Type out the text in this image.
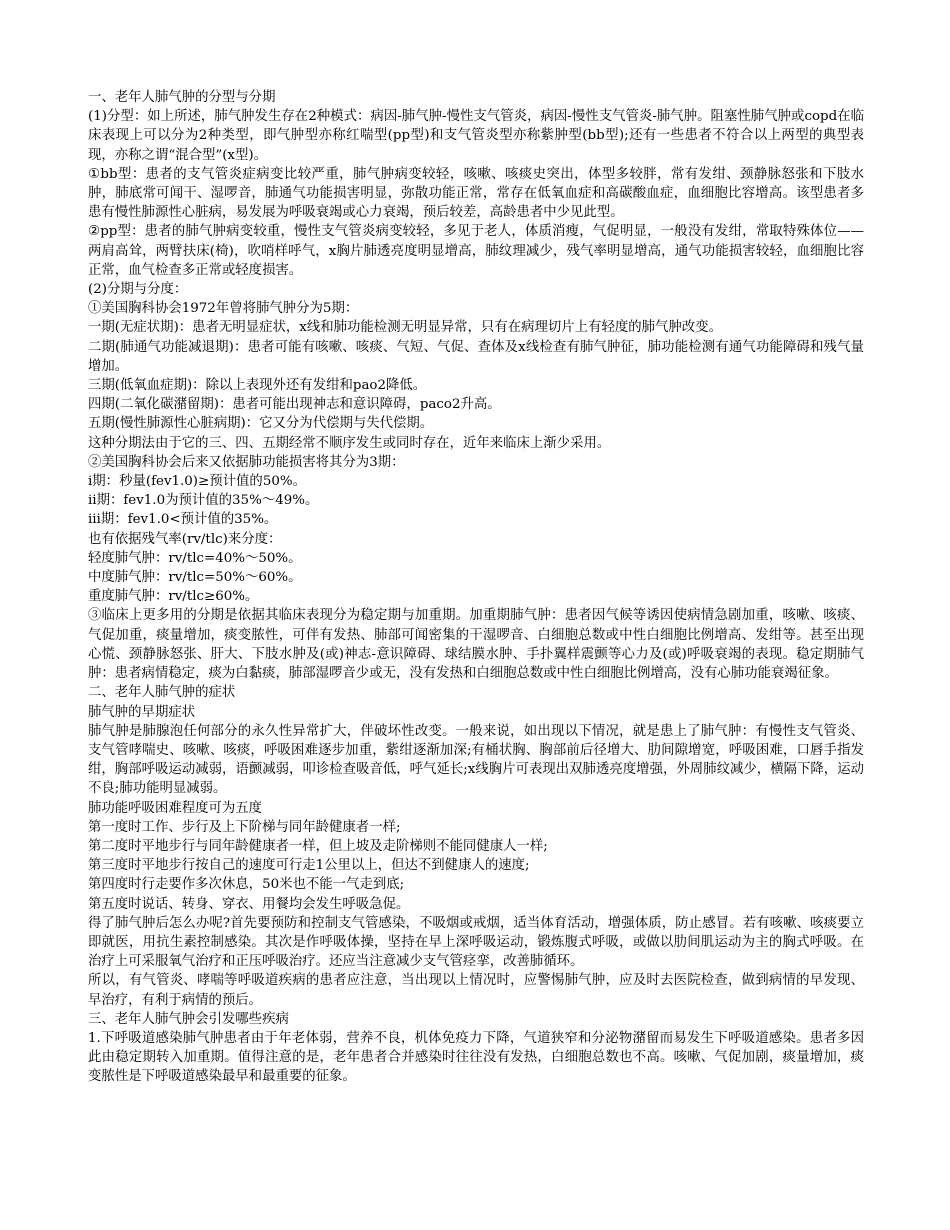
一、老年人肺气肿的分型与分期

(1)分型：如上所述，肺气肿发生存在2种模式：病因-肺气肿-慢性支气管炎，病因-慢性支气管炎-肺气肿。阻塞性肺气肿或copd在临床表现上可以分为2种类型，即气肿型亦称红喘型(pp型)和支气管炎型亦称紫肿型(bb型);还有一些患者不符合以上两型的典型表现，亦称之谓“混合型”(x型)。

①bb型：患者的支气管炎症病变比较严重，肺气肿病变较轻，咳嗽、咳痰史突出，体型多较胖，常有发绀、颈静脉怒张和下肢水肿，肺底常可闻干、湿啰音，肺通气功能损害明显，弥散功能正常，常存在低氧血症和高碳酸血症，血细胞比容增高。该型患者多患有慢性肺源性心脏病，易发展为呼吸衰竭或心力衰竭，预后较差，高龄患者中少见此型。

②pp型：患者的肺气肿病变较重，慢性支气管炎病变较轻，多见于老人，体质消瘦，气促明显，一般没有发绀，常取特殊体位——两肩高耸，两臂扶床(椅)，吹哨样呼气，x胸片肺透亮度明显增高，肺纹理减少，残气率明显增高，通气功能损害较轻，血细胞比容正常，血气检查多正常或轻度损害。

(2)分期与分度：

①美国胸科协会1972年曾将肺气肿分为5期：

一期(无症状期)：患者无明显症状，x线和肺功能检测无明显异常，只有在病理切片上有轻度的肺气肿改变。

二期(肺通气功能减退期)：患者可能有咳嗽、咳痰、气短、气促、查体及x线检查有肺气肿征，肺功能检测有通气功能障碍和残气量增加。

三期(低氧血症期)：除以上表现外还有发绀和pao2降低。

四期(二氧化碳潴留期)：患者可能出现神志和意识障碍，paco2升高。

五期(慢性肺源性心脏病期)：它又分为代偿期与失代偿期。

这种分期法由于它的三、四、五期经常不顺序发生或同时存在，近年来临床上渐少采用。

②美国胸科协会后来又依据肺功能损害将其分为3期：

ⅰ期：秒量(fev1.0)≥预计值的50%。

ⅱ期：fev1.0为预计值的35%～49%。

ⅲ期：fev1.0<预计值的35%。

也有依据残气率(rv/tlc)来分度：

轻度肺气肿：rv/tlc=40%～50%。

中度肺气肿：rv/tlc=50%～60%。

重度肺气肿：rv/tlc≥60%。

③临床上更多用的分期是依据其临床表现分为稳定期与加重期。加重期肺气肿：患者因气候等诱因使病情急剧加重，咳嗽、咳痰、气促加重，痰量增加，痰变脓性，可伴有发热、肺部可闻密集的干湿啰音、白细胞总数或中性白细胞比例增高、发绀等。甚至出现心慌、颈静脉怒张、肝大、下肢水肿及(或)神志-意识障碍、球结膜水肿、手扑翼样震颤等心力及(或)呼吸衰竭的表现。稳定期肺气肿：患者病情稳定，痰为白黏痰，肺部湿啰音少或无，没有发热和白细胞总数或中性白细胞比例增高，没有心肺功能衰竭征象。

二、老年人肺气肿的症状

肺气肿的早期症状

肺气肿是肺腺泡任何部分的永久性异常扩大，伴破坏性改变。一般来说，如出现以下情况，就是患上了肺气肿：有慢性支气管炎、支气管哮喘史、咳嗽、咳痰，呼吸困难逐步加重，紫绀逐渐加深;有桶状胸、胸部前后径增大、肋间隙增宽，呼吸困难，口唇手指发绀，胸部呼吸运动减弱，语颤减弱，叩诊检查吸音低，呼气延长;x线胸片可表现出双肺透亮度增强，外周肺纹减少，横隔下降，运动不良;肺功能明显减弱。

肺功能呼吸困难程度可为五度

第一度时工作、步行及上下阶梯与同年龄健康者一样;

第二度时平地步行与同年龄健康者一样，但上坡及走阶梯则不能同健康人一样;

第三度时平地步行按自己的速度可行走1公里以上，但达不到健康人的速度;

第四度时行走要作多次休息，50米也不能一气走到底;

第五度时说话、转身、穿衣、用餐均会发生呼吸急促。

得了肺气肿后怎么办呢?首先要预防和控制支气管感染，不吸烟或戒烟，适当体育活动，增强体质，防止感冒。若有咳嗽、咳痰要立即就医，用抗生素控制感染。其次是作呼吸体操，坚持在早上深呼吸运动，锻炼腹式呼吸，或做以肋间肌运动为主的胸式呼吸。在治疗上可采服氧气治疗和正压呼吸治疗。还应当注意减少支气管痉挛，改善肺循环。

所以，有气管炎、哮喘等呼吸道疾病的患者应注意，当出现以上情况时，应警惕肺气肿，应及时去医院检查，做到病情的早发现、早治疗，有利于病情的预后。

三、老年人肺气肿会引发哪些疾病

1.下呼吸道感染肺气肿患者由于年老体弱，营养不良，机体免疫力下降，气道狭窄和分泌物潴留而易发生下呼吸道感染。患者多因此由稳定期转入加重期。值得注意的是，老年患者合并感染时往往没有发热，白细胞总数也不高。咳嗽、气促加剧，痰量增加，痰变脓性是下呼吸道感染最早和最重要的征象。
